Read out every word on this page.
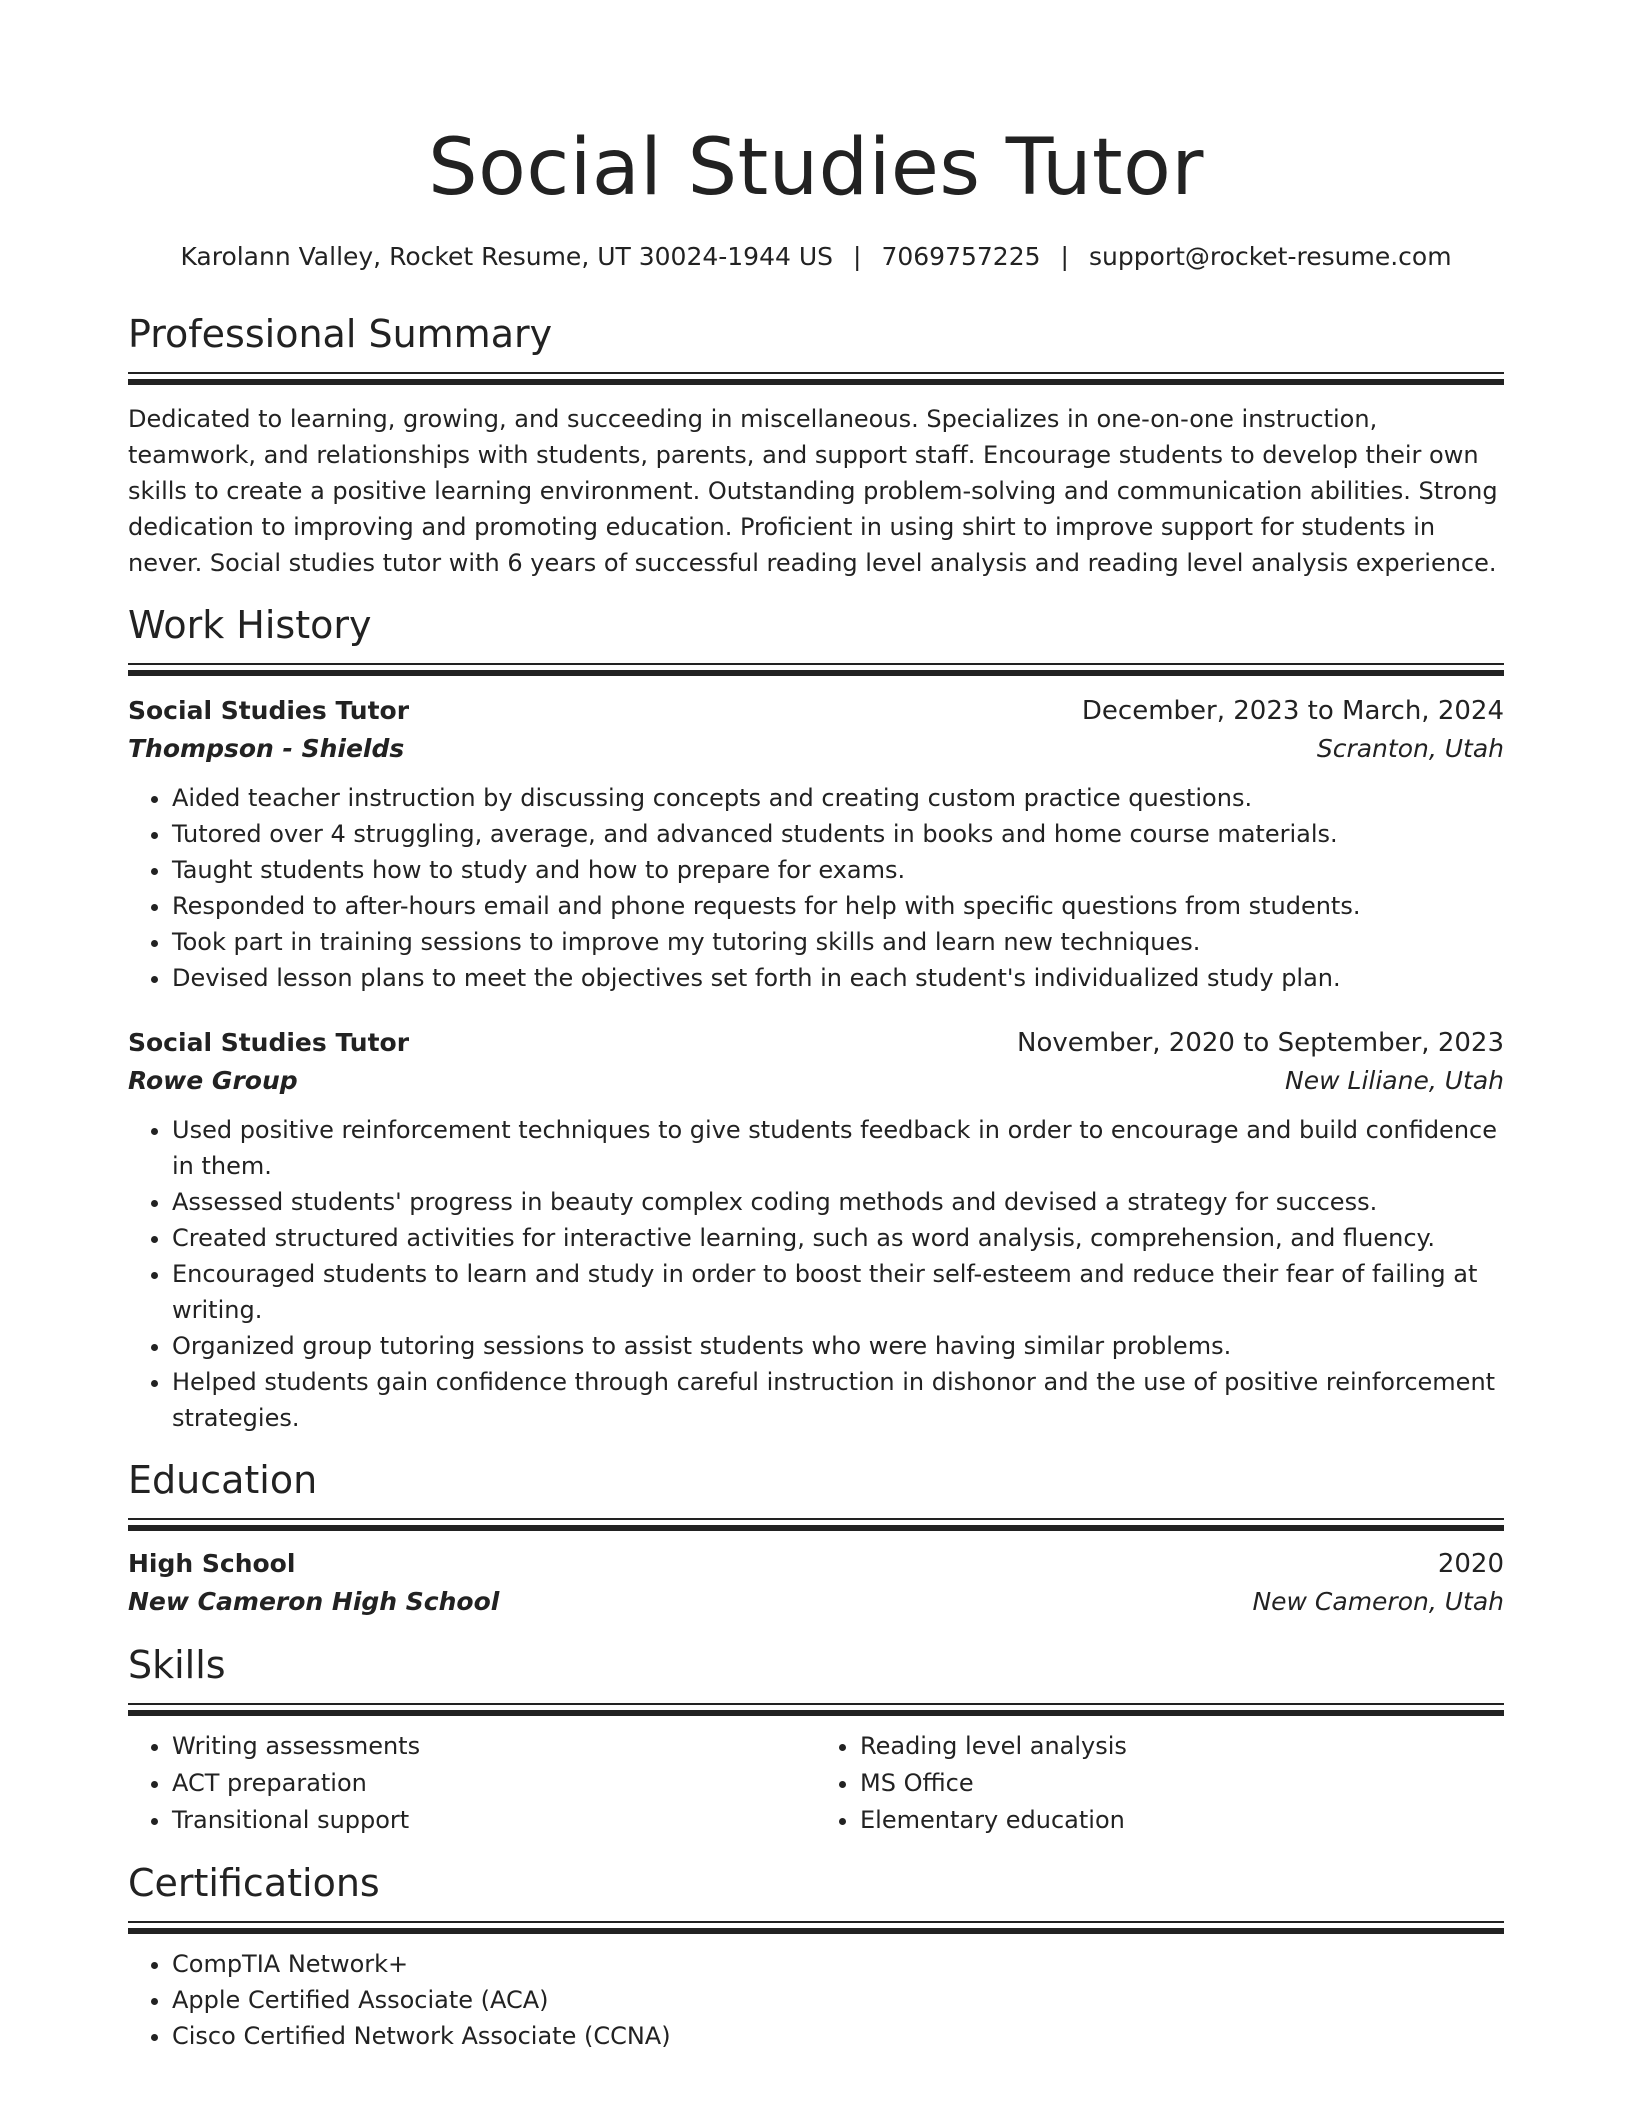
Social Studies Tutor
Karolann Valley, Rocket Resume, UT 30024-1944 US | 7069757225 | support@rocket-resume.com
Professional Summary

Dedicated to learning, growing, and succeeding in miscellaneous. Specializes in one-on-one instruction, teamwork, and relationships with students, parents, and support staff. Encourage students to develop their own skills to create a positive learning environment. Outstanding problem-solving and communication abilities. Strong dedication to improving and promoting education. Proficient in using shirt to improve support for students in never. Social studies tutor with 6 years of successful reading level analysis and reading level analysis experience.

Work History
Social Studies Tutor	December, 2023 to March, 2024
Thompson - Shields	Scranton, Utah
• Aided teacher instruction by discussing concepts and creating custom practice questions.
• Tutored over 4 struggling, average, and advanced students in books and home course materials.
• Taught students how to study and how to prepare for exams.
• Responded to after-hours email and phone requests for help with specific questions from students.
• Took part in training sessions to improve my tutoring skills and learn new techniques.
• Devised lesson plans to meet the objectives set forth in each student's individualized study plan.
Social Studies Tutor	November, 2020 to September, 2023
Rowe Group	New Liliane, Utah
• Used positive reinforcement techniques to give students feedback in order to encourage and build confidence in them.
• Assessed students' progress in beauty complex coding methods and devised a strategy for success.
• Created structured activities for interactive learning, such as word analysis, comprehension, and fluency.
• Encouraged students to learn and study in order to boost their self-esteem and reduce their fear of failing at writing.
• Organized group tutoring sessions to assist students who were having similar problems.
• Helped students gain confidence through careful instruction in dishonor and the use of positive reinforcement strategies.
Education
High School	2020
New Cameron High School	New Cameron, Utah
Skills
• Writing assessments
• ACT preparation
• Transitional support
• Reading level analysis
• MS Office
• Elementary education
Certifications
• CompTIA Network+
• Apple Certified Associate (ACA)
• Cisco Certified Network Associate (CCNA)
